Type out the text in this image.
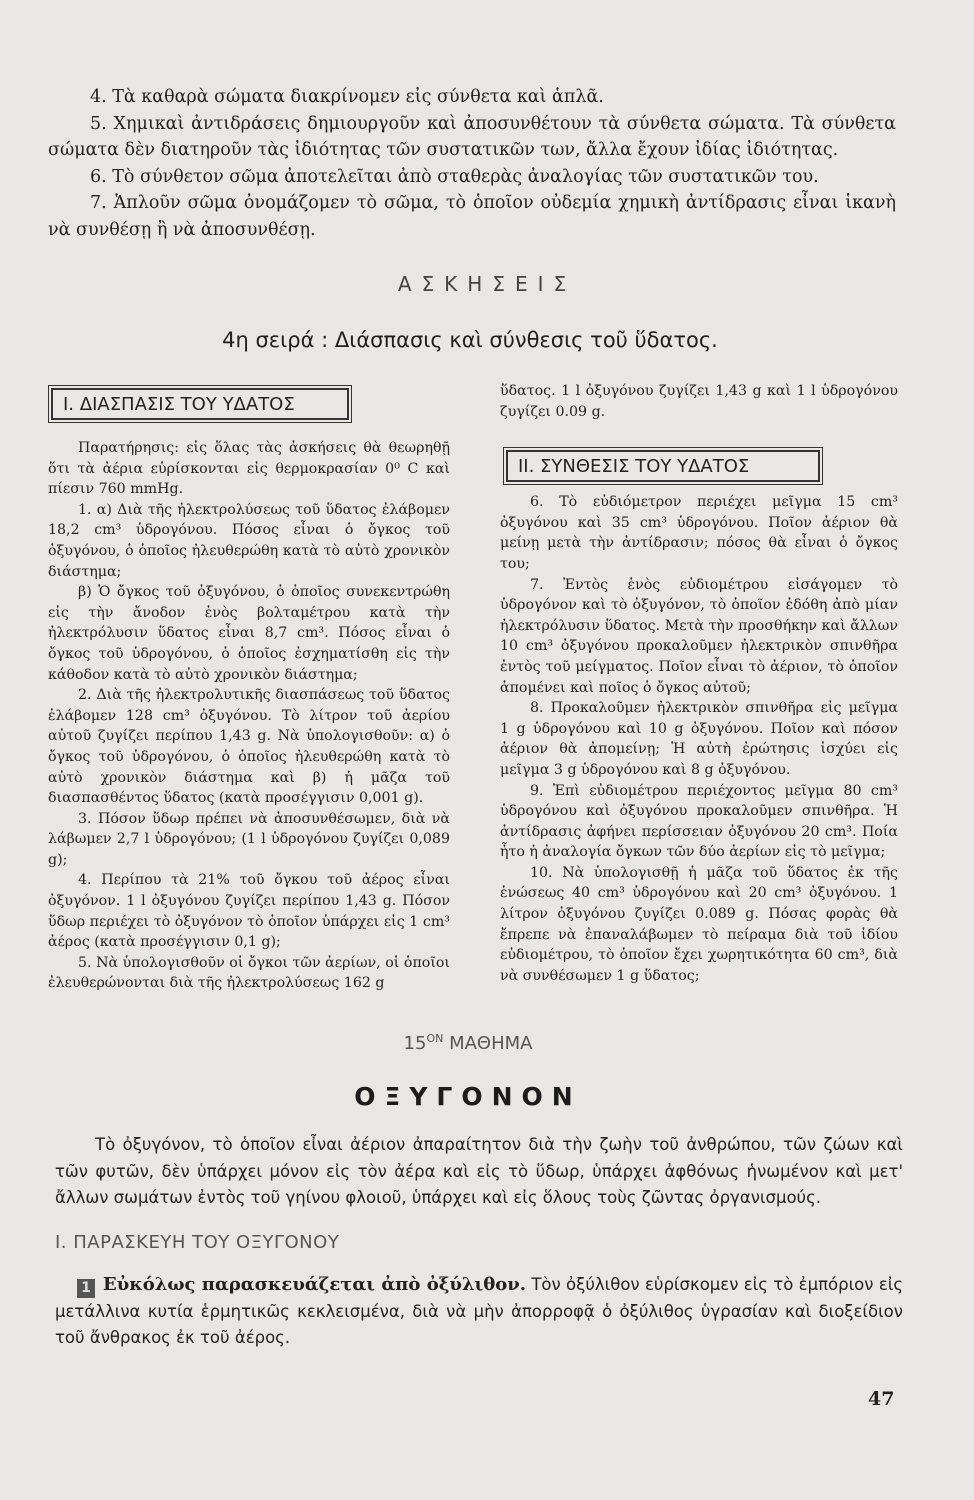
4. Τὰ καθαρὰ σώματα διακρίνομεν εἰς σύνθετα καὶ ἁπλᾶ.

5. Χημικαὶ ἀντιδράσεις δημιουργοῦν καὶ ἀποσυνθέτουν τὰ σύνθετα σώματα. Τὰ σύνθετα σώματα δὲν διατηροῦν τὰς ἰδιότητας τῶν συστατικῶν των, ἄλλα ἔχουν ἰδίας ἰδιότητας.

6. Τὸ σύνθετον σῶμα ἀποτελεῖται ἀπὸ σταθερὰς ἀναλογίας τῶν συστατικῶν του.

7. Ἁπλοῦν σῶμα ὀνομάζομεν τὸ σῶμα, τὸ ὁποῖον οὐδεμία χημικὴ ἀντίδρασις εἶναι ἱκανὴ νὰ συνθέσῃ ἢ νὰ ἀποσυνθέσῃ.

ΑΣΚΗΣΕΙΣ
4η σειρά : Διάσπασις καὶ σύνθεσις τοῦ ὕδατος.
I. ΔΙΑΣΠΑΣΙΣ ΤΟΥ ΥΔΑΤΟΣ

Παρατήρησις: εἰς ὅλας τὰς ἀσκήσεις θὰ θεωρηθῇ ὅτι τὰ ἀέρια εὑρίσκονται εἰς θερμοκρασίαν 0⁰ C καὶ πίεσιν 760 mmHg.

1. α) Διὰ τῆς ἠλεκτρολύσεως τοῦ ὕδατος ἐλάβομεν 18,2 cm³ ὑδρογόνου. Πόσος εἶναι ὁ ὄγκος τοῦ ὀξυγόνου, ὁ ὁποῖος ἠλευθερώθη κατὰ τὸ αὐτὸ χρονικὸν διάστημα;

β) Ὁ ὄγκος τοῦ ὀξυγόνου, ὁ ὁποῖος συνεκεντρώθη εἰς τὴν ἄνοδον ἑνὸς βολταμέτρου κατὰ τὴν ἠλεκτρόλυσιν ὕδατος εἶναι 8,7 cm³. Πόσος εἶναι ὁ ὄγκος τοῦ ὑδρογόνου, ὁ ὁποῖος ἐσχηματίσθη εἰς τὴν κάθοδον κατὰ τὸ αὐτὸ χρονικὸν διάστημα;

2. Διὰ τῆς ἠλεκτρολυτικῆς διασπάσεως τοῦ ὕδατος ἐλάβομεν 128 cm³ ὀξυγόνου. Τὸ λίτρον τοῦ ἀερίου αὐτοῦ ζυγίζει περίπου 1,43 g. Νὰ ὑπολογισθοῦν: α) ὁ ὄγκος τοῦ ὑδρογόνου, ὁ ὁποῖος ἠλευθερώθη κατὰ τὸ αὐτὸ χρονικὸν διάστημα καὶ β) ἡ μᾶζα τοῦ διασπασθέντος ὕδατος (κατὰ προσέγγισιν 0,001 g).

3. Πόσον ὕδωρ πρέπει νὰ ἀποσυνθέσωμεν, διὰ νὰ λάβωμεν 2,7 l ὑδρογόνου; (1 l ὑδρογόνου ζυγίζει 0,089 g);

4. Περίπου τὰ 21% τοῦ ὄγκου τοῦ ἀέρος εἶναι ὀξυγόνον. 1 l ὀξυγόνου ζυγίζει περίπου 1,43 g. Πόσον ὕδωρ περιέχει τὸ ὀξυγόνον τὸ ὁποῖον ὑπάρχει εἰς 1 cm³ ἀέρος (κατὰ προσέγγισιν 0,1 g);

5. Νὰ ὑπολογισθοῦν οἱ ὄγκοι τῶν ἀερίων, οἱ ὁποῖοι ἐλευθερώνονται διὰ τῆς ἠλεκτρολύσεως 162 g

ὕδατος. 1 l ὀξυγόνου ζυγίζει 1,43 g καὶ 1 l ὑδρογόνου ζυγίζει 0.09 g.

6. Τὸ εὐδιόμετρον περιέχει μεῖγμα 15 cm³ ὀξυγόνου καὶ 35 cm³ ὑδρογόνου. Ποῖον ἀέριον θὰ μείνῃ μετὰ τὴν ἀντίδρασιν; πόσος θὰ εἶναι ὁ ὄγκος του;

7. Ἐντὸς ἑνὸς εὐδιομέτρου εἰσάγομεν τὸ ὑδρογόνον καὶ τὸ ὀξυγόνον, τὸ ὁποῖον ἐδόθη ἀπὸ μίαν ἠλεκτρόλυσιν ὕδατος. Μετὰ τὴν προσθήκην καὶ ἄλλων 10 cm³ ὀξυγόνου προκαλοῦμεν ἠλεκτρικὸν σπινθῆρα ἐντὸς τοῦ μείγματος. Ποῖον εἶναι τὸ ἀέριον, τὸ ὁποῖον ἀπομένει καὶ ποῖος ὁ ὄγκος αὐτοῦ;

8. Προκαλοῦμεν ἠλεκτρικὸν σπινθῆρα εἰς μεῖγμα 1 g ὑδρογόνου καὶ 10 g ὀξυγόνου. Ποῖον καὶ πόσον ἀέριον θὰ ἀπομείνῃ; Ἡ αὐτὴ ἐρώτησις ἰσχύει εἰς μεῖγμα 3 g ὑδρογόνου καὶ 8 g ὀξυγόνου.

9. Ἐπὶ εὐδιομέτρου περιέχοντος μεῖγμα 80 cm³ ὑδρογόνου καὶ ὀξυγόνου προκαλοῦμεν σπινθῆρα. Ἡ ἀντίδρασις ἀφήνει περίσσειαν ὀξυγόνου 20 cm³. Ποία ἦτο ἡ ἀναλογία ὄγκων τῶν δύο ἀερίων εἰς τὸ μεῖγμα;

10. Νὰ ὑπολογισθῇ ἡ μᾶζα τοῦ ὕδατος ἐκ τῆς ἑνώσεως 40 cm³ ὑδρογόνου καὶ 20 cm³ ὀξυγόνου. 1 λίτρον ὀξυγόνου ζυγίζει 0.089 g. Πόσας φορὰς θὰ ἔπρεπε νὰ ἐπαναλάβωμεν τὸ πείραμα διὰ τοῦ ἰδίου εὐδιομέτρου, τὸ ὁποῖον ἔχει χωρητικότητα 60 cm³, διὰ νὰ συνθέσωμεν 1 g ὕδατος;

II. ΣΥΝΘΕΣΙΣ ΤΟΥ ΥΔΑΤΟΣ
$15^{ON}$ ΜΑΘΗΜΑ
ΟΞΥΓΟΝΟΝ

Τὸ ὀξυγόνον, τὸ ὁποῖον εἶναι ἀέριον ἀπαραίτητον διὰ τὴν ζωὴν τοῦ ἀνθρώπου, τῶν ζώων καὶ τῶν φυτῶν, δὲν ὑπάρχει μόνον εἰς τὸν ἀέρα καὶ εἰς τὸ ὕδωρ, ὑπάρχει ἀφθόνως ἡνωμένον καὶ μετ' ἄλλων σωμάτων ἐντὸς τοῦ γηίνου φλοιοῦ, ὑπάρχει καὶ εἰς ὅλους τοὺς ζῶντας ὀργανισμούς.

I. ΠΑΡΑΣΚΕΥΗ ΤΟΥ ΟΞΥΓΟΝΟΥ

1 Εὐκόλως παρασκευάζεται ἀπὸ ὀξύλιθον. Τὸν ὀξύλιθον εὑρίσκομεν εἰς τὸ ἐμπόριον εἰς μετάλλινα κυτία ἑρμητικῶς κεκλεισμένα, διὰ νὰ μὴν ἀπορροφᾷ ὁ ὀξύλιθος ὑγρασίαν καὶ διοξείδιον τοῦ ἄνθρακος ἐκ τοῦ ἀέρος.

47
